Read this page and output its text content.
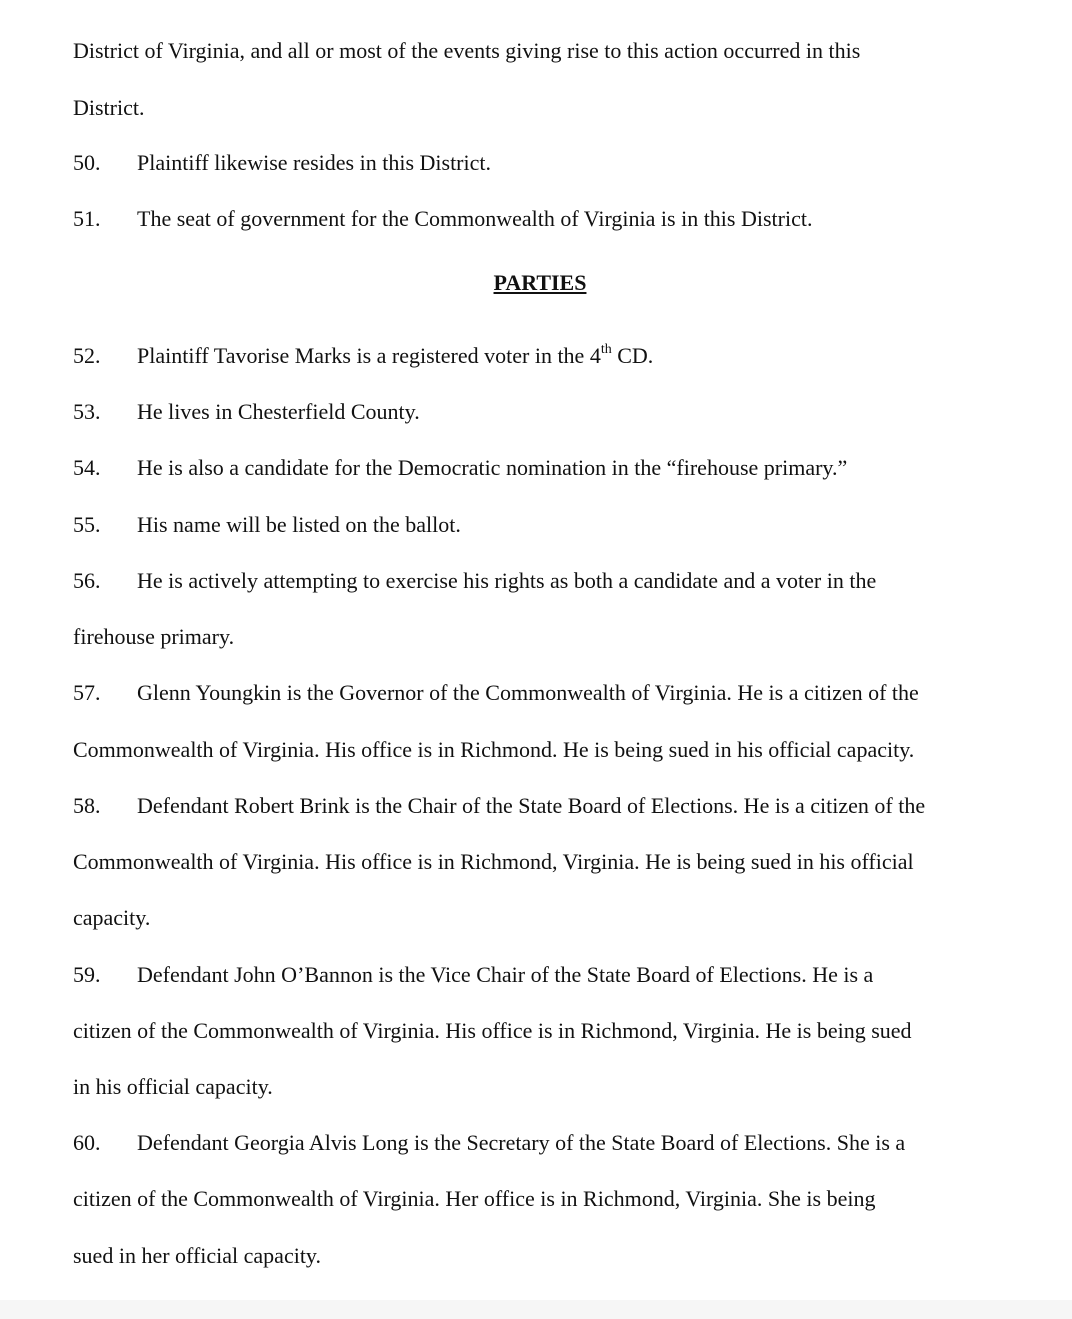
District of Virginia, and all or most of the events giving rise to this action occurred in this
District.
50. Plaintiff likewise resides in this District.
51. The seat of government for the Commonwealth of Virginia is in this District.
PARTIES
52. Plaintiff Tavorise Marks is a registered voter in the 4th CD.
53. He lives in Chesterfield County.
54. He is also a candidate for the Democratic nomination in the “firehouse primary.”
55. His name will be listed on the ballot.
56. He is actively attempting to exercise his rights as both a candidate and a voter in the
firehouse primary.
57. Glenn Youngkin is the Governor of the Commonwealth of Virginia. He is a citizen of the
Commonwealth of Virginia. His office is in Richmond. He is being sued in his official capacity.
58. Defendant Robert Brink is the Chair of the State Board of Elections. He is a citizen of the
Commonwealth of Virginia. His office is in Richmond, Virginia. He is being sued in his official
capacity.
59. Defendant John O’Bannon is the Vice Chair of the State Board of Elections. He is a
citizen of the Commonwealth of Virginia. His office is in Richmond, Virginia. He is being sued
in his official capacity.
60. Defendant Georgia Alvis Long is the Secretary of the State Board of Elections. She is a
citizen of the Commonwealth of Virginia. Her office is in Richmond, Virginia. She is being
sued in her official capacity.
